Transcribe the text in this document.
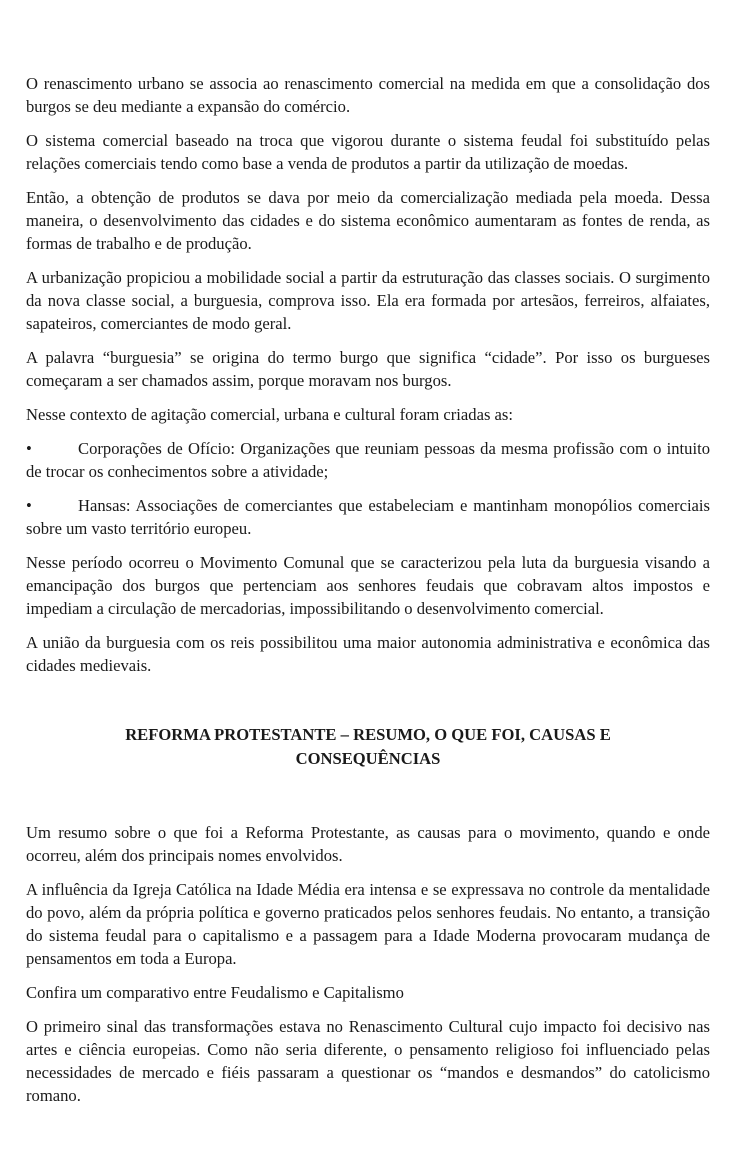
O renascimento urbano se associa ao renascimento comercial na medida em que a consolidação dos burgos se deu mediante a expansão do comércio.

O sistema comercial baseado na troca que vigorou durante o sistema feudal foi substituído pelas relações comerciais tendo como base a venda de produtos a partir da utilização de moedas.

Então, a obtenção de produtos se dava por meio da comercialização mediada pela moeda. Dessa maneira, o desenvolvimento das cidades e do sistema econômico aumentaram as fontes de renda, as formas de trabalho e de produção.

A urbanização propiciou a mobilidade social a partir da estruturação das classes sociais. O surgimento da nova classe social, a burguesia, comprova isso. Ela era formada por artesãos, ferreiros, alfaiates, sapateiros, comerciantes de modo geral.

A palavra “burguesia” se origina do termo burgo que significa “cidade”. Por isso os burgueses começaram a ser chamados assim, porque moravam nos burgos.

Nesse contexto de agitação comercial, urbana e cultural foram criadas as:

•	Corporações de Ofício: Organizações que reuniam pessoas da mesma profissão com o intuito de trocar os conhecimentos sobre a atividade;

•	Hansas: Associações de comerciantes que estabeleciam e mantinham monopólios comerciais sobre um vasto território europeu.

Nesse período ocorreu o Movimento Comunal que se caracterizou pela luta da burguesia visando a emancipação dos burgos que pertenciam aos senhores feudais que cobravam altos impostos e impediam a circulação de mercadorias, impossibilitando o desenvolvimento comercial.

A união da burguesia com os reis possibilitou uma maior autonomia administrativa e econômica das cidades medievais.

REFORMA PROTESTANTE – RESUMO, O QUE FOI, CAUSAS E CONSEQUÊNCIAS

Um resumo sobre o que foi a Reforma Protestante, as causas para o movimento, quando e onde ocorreu, além dos principais nomes envolvidos.

A influência da Igreja Católica na Idade Média era intensa e se expressava no controle da mentalidade do povo, além da própria política e governo praticados pelos senhores feudais. No entanto, a transição do sistema feudal para o capitalismo e a passagem para a Idade Moderna provocaram mudança de pensamentos em toda a Europa.

Confira um comparativo entre Feudalismo e Capitalismo

O primeiro sinal das transformações estava no Renascimento Cultural cujo impacto foi decisivo nas artes e ciência europeias. Como não seria diferente, o pensamento religioso foi influenciado pelas necessidades de mercado e fiéis passaram a questionar os “mandos e desmandos” do catolicismo romano.
